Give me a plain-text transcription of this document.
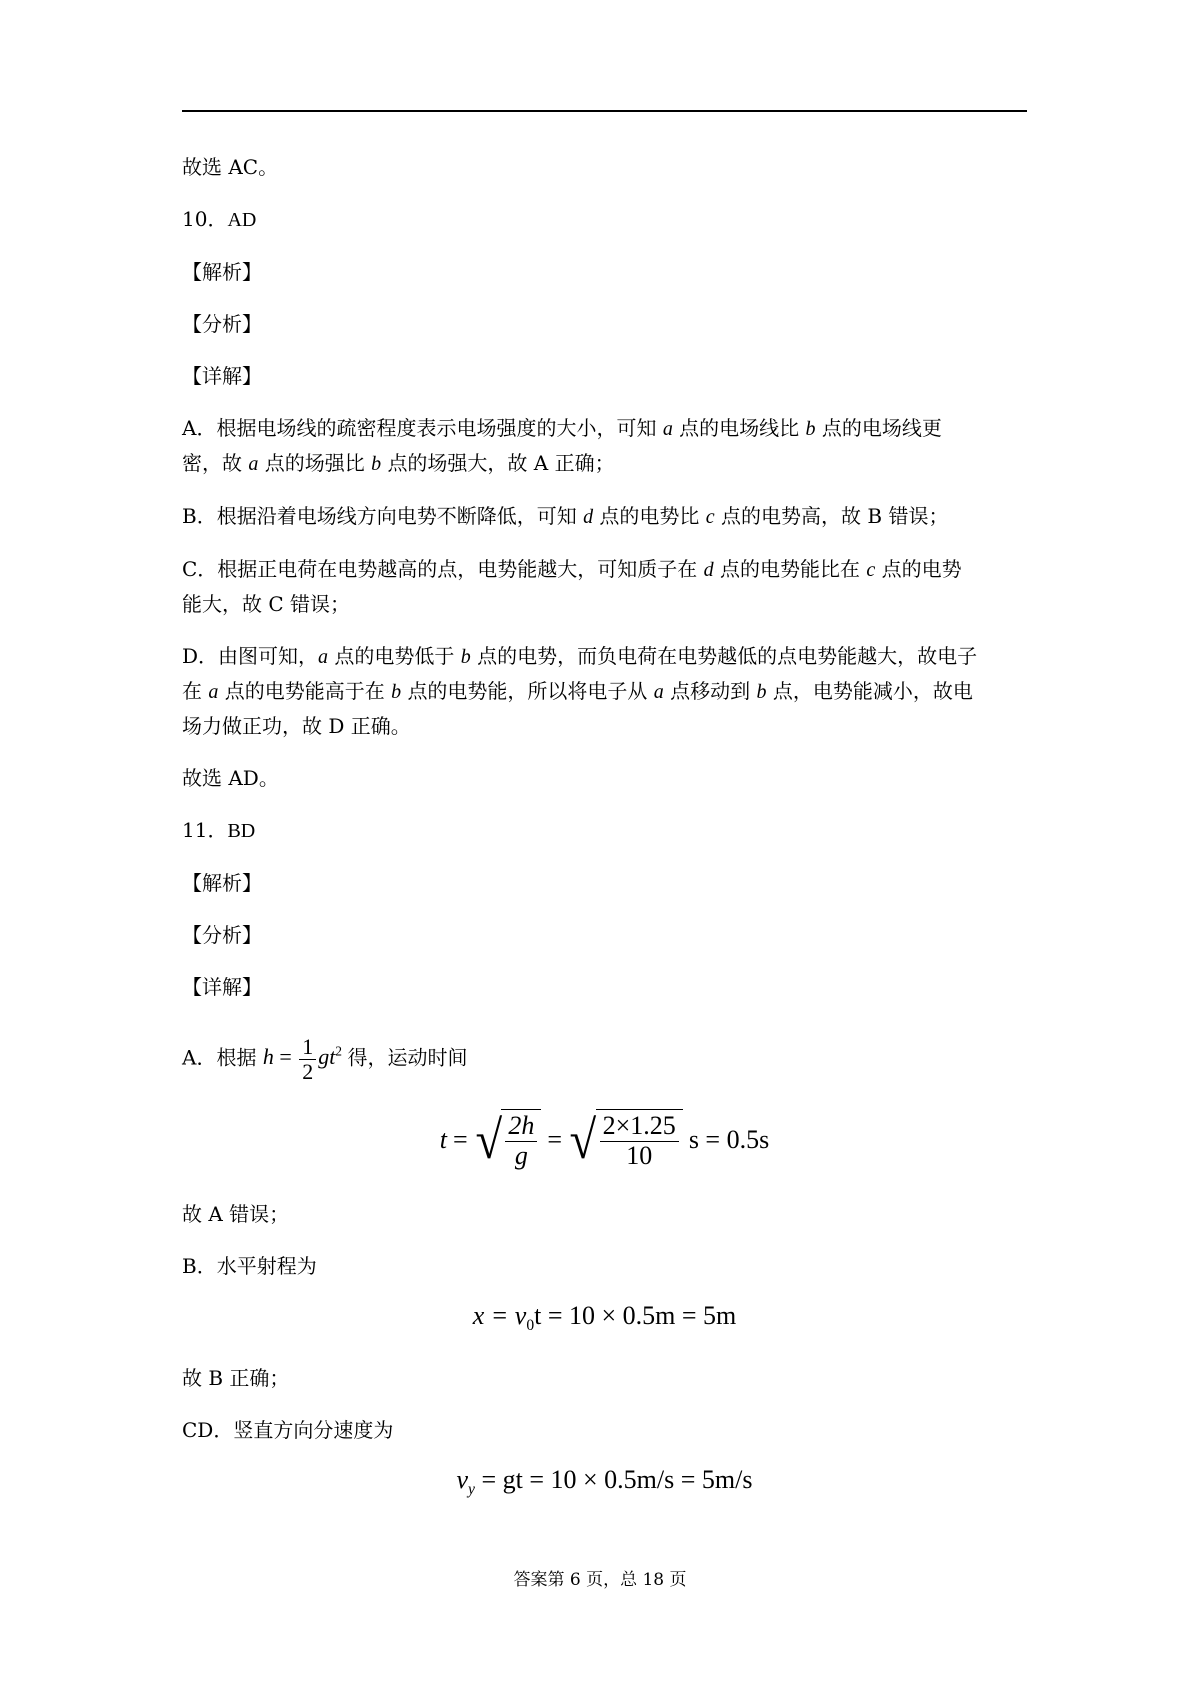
故选 AC。

10．AD

【解析】

【分析】

【详解】

A．根据电场线的疏密程度表示电场强度的大小，可知 a 点的电场线比 b 点的电场线更
密，故 a 点的场强比 b 点的场强大，故 A 正确；

B．根据沿着电场线方向电势不断降低，可知 d 点的电势比 c 点的电势高，故 B 错误；

C．根据正电荷在电势越高的点，电势能越大，可知质子在 d 点的电势能比在 c 点的电势
能大，故 C 错误；

D．由图可知，a 点的电势低于 b 点的电势，而负电荷在电势越低的点电势能越大，故电子
在 a 点的电势能高于在 b 点的电势能，所以将电子从 a 点移动到 b 点，电势能减小，故电
场力做正功，故 D 正确。

故选 AD。

11．BD

【解析】

【分析】

【详解】

A．根据 $h = \frac{1}{2} gt^2$ 得，运动时间

t = √ $\frac{2h}{g}$ = √ $\frac{2\times 1.25}{10}$ s = 0.5s

故 A 错误；

B．水平射程为

$x = v_0t = 10 \times 0.5m = 5m$

故 B 正确；

CD．竖直方向分速度为

$v_y$ = gt = 10 × 0.5m/s = 5m/s
答案第 6 页，总 18 页
